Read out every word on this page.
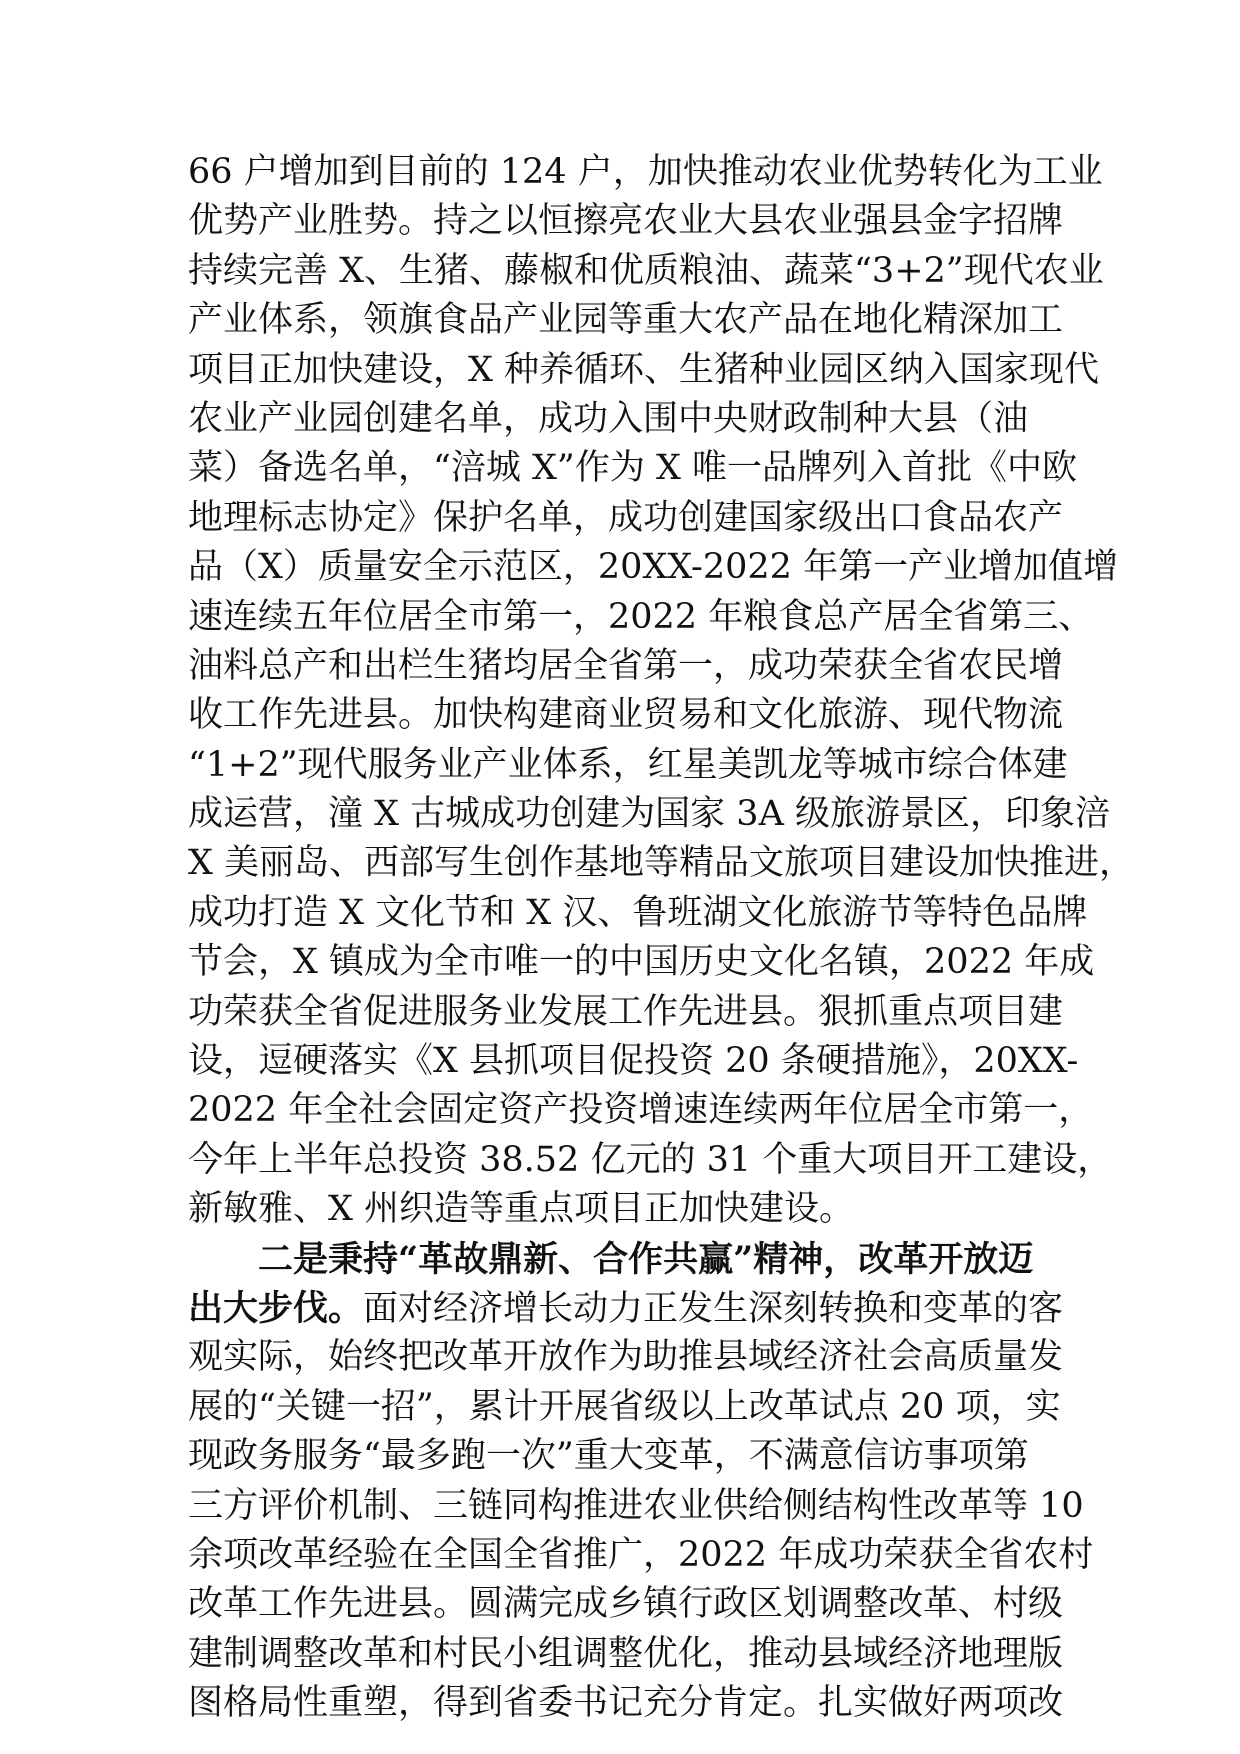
66 户增加到目前的 124 户，加快推动农业优势转化为工业
优势产业胜势。持之以恒擦亮农业大县农业强县金字招牌
持续完善 X、生猪、藤椒和优质粮油、蔬菜“3+2”现代农业
产业体系，领旗食品产业园等重大农产品在地化精深加工
项目正加快建设，X 种养循环、生猪种业园区纳入国家现代
农业产业园创建名单，成功入围中央财政制种大县（油
菜）备选名单，“涪城 X”作为 X 唯一品牌列入首批《中欧
地理标志协定》保护名单，成功创建国家级出口食品农产
品（X）质量安全示范区，20XX-2022 年第一产业增加值增
速连续五年位居全市第一，2022 年粮食总产居全省第三、
油料总产和出栏生猪均居全省第一，成功荣获全省农民增
收工作先进县。加快构建商业贸易和文化旅游、现代物流
“1+2”现代服务业产业体系，红星美凯龙等城市综合体建
成运营，潼 X 古城成功创建为国家 3A 级旅游景区，印象涪
X 美丽岛、西部写生创作基地等精品文旅项目建设加快推进，
成功打造 X 文化节和 X 汉、鲁班湖文化旅游节等特色品牌
节会，X 镇成为全市唯一的中国历史文化名镇，2022 年成
功荣获全省促进服务业发展工作先进县。狠抓重点项目建
设，逗硬落实《X 县抓项目促投资 20 条硬措施》，20XX-
2022 年全社会固定资产投资增速连续两年位居全市第一，
今年上半年总投资 38.52 亿元的 31 个重大项目开工建设，
新敏雅、X 州织造等重点项目正加快建设。
二是秉持“革故鼎新、合作共赢”精神，改革开放迈
出大步伐。面对经济增长动力正发生深刻转换和变革的客
观实际，始终把改革开放作为助推县域经济社会高质量发
展的“关键一招”，累计开展省级以上改革试点 20 项，实
现政务服务“最多跑一次”重大变革，不满意信访事项第
三方评价机制、三链同构推进农业供给侧结构性改革等 10
余项改革经验在全国全省推广，2022 年成功荣获全省农村
改革工作先进县。圆满完成乡镇行政区划调整改革、村级
建制调整改革和村民小组调整优化，推动县域经济地理版
图格局性重塑，得到省委书记充分肯定。扎实做好两项改
